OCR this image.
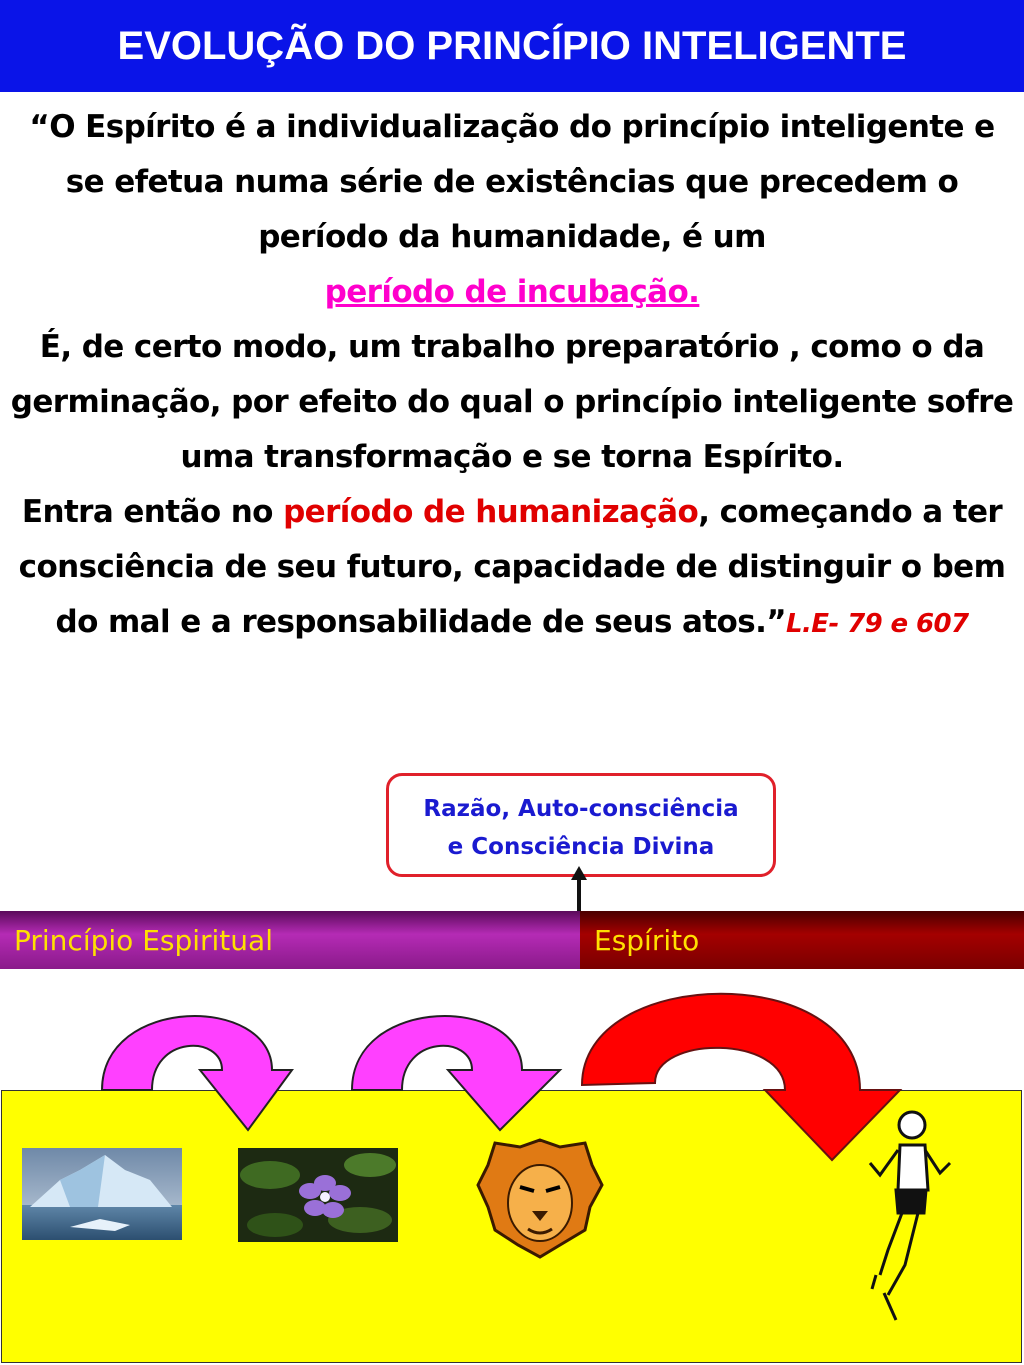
EVOLUÇÃO DO PRINCÍPIO INTELIGENTE
“O Espírito é a individualização do princípio inteligente e se efetua numa série de existências que precedem o período da humanidade, é um
período de incubação.
É, de certo modo, um trabalho preparatório , como o da germinação, por efeito do qual o princípio inteligente sofre uma transformação e se torna Espírito.
Entra então no período de humanização, começando a ter consciência de seu futuro, capacidade de distinguir o bem do mal e a responsabilidade de seus atos.”L.E- 79 e 607
Razão, Auto-consciência
e Consciência Divina
Princípio Espiritual	Espírito
